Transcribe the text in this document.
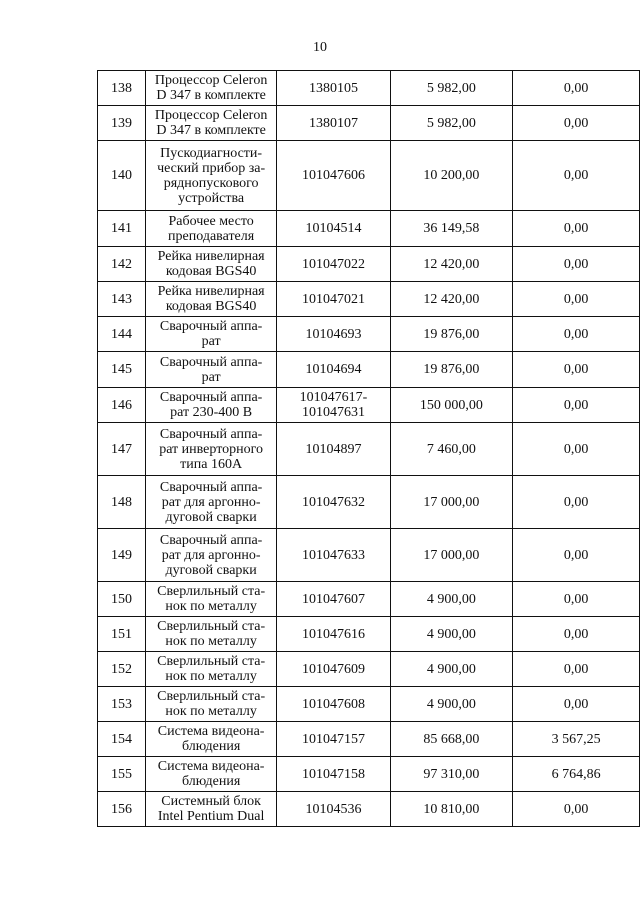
10
138	Процессор Celeron
D 347 в комплекте	1380105	5 982,00	0,00
139	Процессор Celeron
D 347 в комплекте	1380107	5 982,00	0,00
140	Пускодиагности-
ческий прибор за-
ряднопускового
устройства	101047606	10 200,00	0,00
141	Рабочее место
преподавателя	10104514	36 149,58	0,00
142	Рейка нивелирная
кодовая BGS40	101047022	12 420,00	0,00
143	Рейка нивелирная
кодовая BGS40	101047021	12 420,00	0,00
144	Сварочный аппа-
рат	10104693	19 876,00	0,00
145	Сварочный аппа-
рат	10104694	19 876,00	0,00
146	Сварочный аппа-
рат 230-400 В	101047617-
101047631	150 000,00	0,00
147	Сварочный аппа-
рат инверторного
типа 160А	10104897	7 460,00	0,00
148	Сварочный аппа-
рат для аргонно-
дуговой сварки	101047632	17 000,00	0,00
149	Сварочный аппа-
рат для аргонно-
дуговой сварки	101047633	17 000,00	0,00
150	Сверлильный ста-
нок по металлу	101047607	4 900,00	0,00
151	Сверлильный ста-
нок по металлу	101047616	4 900,00	0,00
152	Сверлильный ста-
нок по металлу	101047609	4 900,00	0,00
153	Сверлильный ста-
нок по металлу	101047608	4 900,00	0,00
154	Система видеона-
блюдения	101047157	85 668,00	3 567,25
155	Система видеона-
блюдения	101047158	97 310,00	6 764,86
156	Системный блок
Intel Pentium Dual	10104536	10 810,00	0,00
